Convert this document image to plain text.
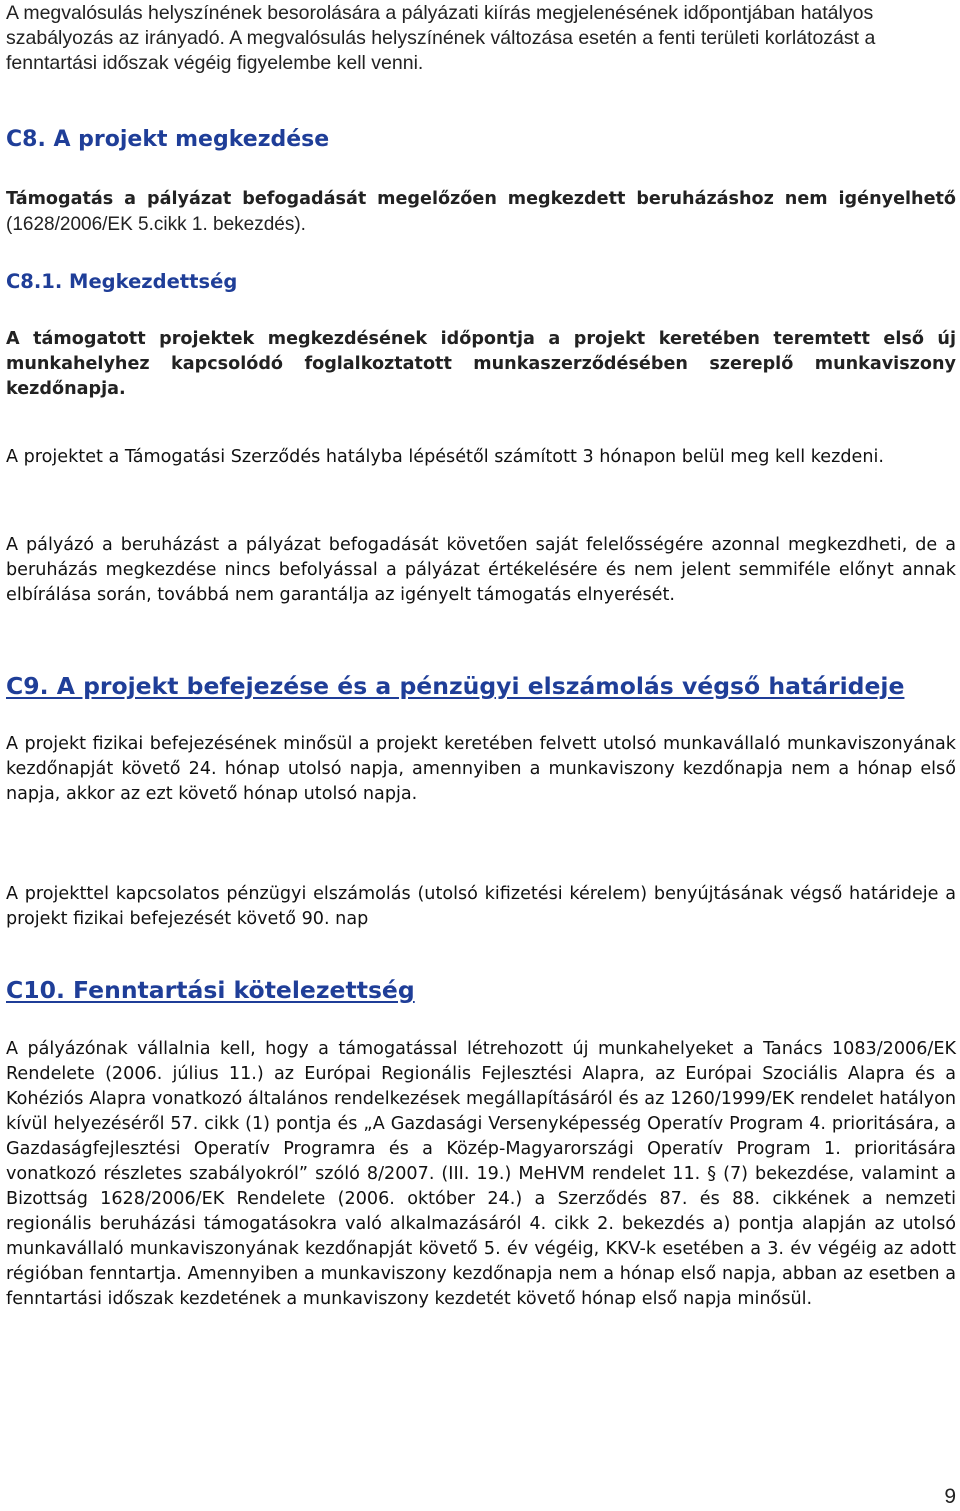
A megvalósulás helyszínének besorolására a pályázati kiírás megjelenésének időpontjában hatályos szabályozás az irányadó. A megvalósulás helyszínének változása esetén a fenti területi korlátozást a fenntartási időszak végéig figyelembe kell venni.

C8. A projekt megkezdése

Támogatás a pályázat befogadását megelőzően megkezdett beruházáshoz nem igényelhető (1628/2006/EK 5.cikk 1. bekezdés).

C8.1. Megkezdettség

A támogatott projektek megkezdésének időpontja a projekt keretében teremtett első új munkahelyhez kapcsolódó foglalkoztatott munkaszerződésében szereplő munkaviszony kezdőnapja.

A projektet a Támogatási Szerződés hatályba lépésétől számított 3 hónapon belül meg kell kezdeni.

A pályázó a beruházást a pályázat befogadását követően saját felelősségére azonnal megkezdheti, de a beruházás megkezdése nincs befolyással a pályázat értékelésére és nem jelent semmiféle előnyt annak elbírálása során, továbbá nem garantálja az igényelt támogatás elnyerését.

C9. A projekt befejezése és a pénzügyi elszámolás végső határideje

A projekt fizikai befejezésének minősül a projekt keretében felvett utolsó munkavállaló munkaviszonyának kezdőnapját követő 24. hónap utolsó napja, amennyiben a munkaviszony kezdőnapja nem a hónap első napja, akkor az ezt követő hónap utolsó napja.

A projekttel kapcsolatos pénzügyi elszámolás (utolsó kifizetési kérelem) benyújtásának végső határideje a projekt fizikai befejezését követő 90. nap

C10. Fenntartási kötelezettség

A pályázónak vállalnia kell, hogy a támogatással létrehozott új munkahelyeket a Tanács 1083/2006/EK Rendelete (2006. július 11.) az Európai Regionális Fejlesztési Alapra, az Európai Szociális Alapra és a Kohéziós Alapra vonatkozó általános rendelkezések megállapításáról és az 1260/1999/EK rendelet hatályon kívül helyezéséről 57. cikk (1) pontja és „A Gazdasági Versenyképesség Operatív Program 4. prioritására, a Gazdaságfejlesztési Operatív Programra és a Közép-Magyarországi Operatív Program 1. prioritására vonatkozó részletes szabályokról” szóló 8/2007. (III. 19.) MeHVM rendelet 11. § (7) bekezdése, valamint a Bizottság 1628/2006/EK Rendelete (2006. október 24.) a Szerződés 87. és 88. cikkének a nemzeti regionális beruházási támogatásokra való alkalmazásáról 4. cikk 2. bekezdés a) pontja alapján az utolsó munkavállaló munkaviszonyának kezdőnapját követő 5. év végéig, KKV-k esetében a 3. év végéig az adott régióban fenntartja. Amennyiben a munkaviszony kezdőnapja nem a hónap első napja, abban az esetben a fenntartási időszak kezdetének a munkaviszony kezdetét követő hónap első napja minősül.

9
